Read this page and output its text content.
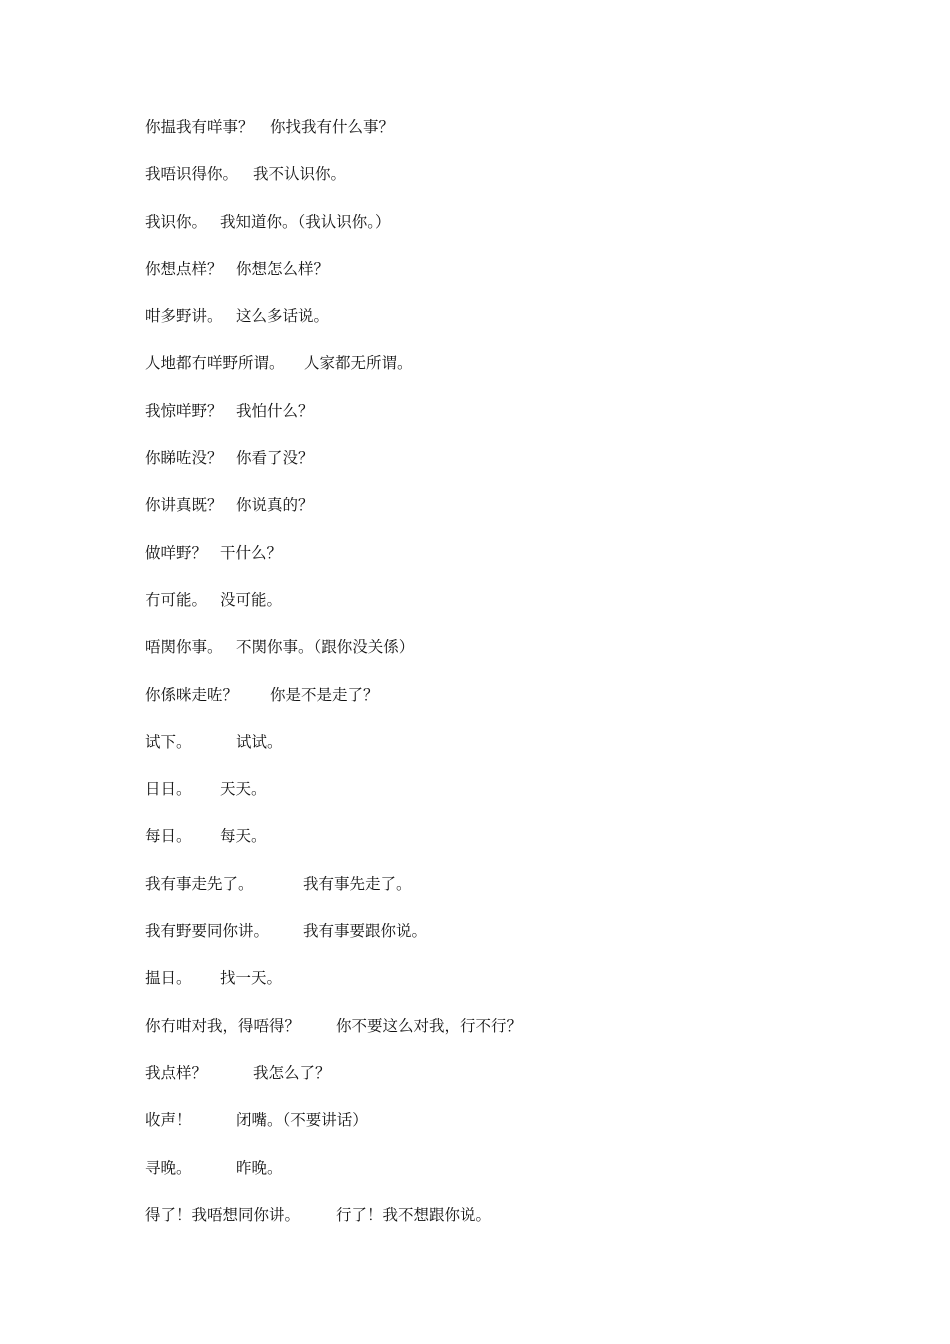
你揾我有咩事？ 你找我有什么事？
我唔识得你。 我不认识你。
我识你。 我知道你。（我认识你。）
你想点样？ 你想怎么样？
咁多野讲。 这么多话说。
人地都冇咩野所谓。 人家都无所谓。
我惊咩野？ 我怕什么？
你睇咗没？ 你看了没？
你讲真既？ 你说真的？
做咩野？ 干什么？
冇可能。 没可能。
唔関你事。 不関你事。（跟你没关係）
你係咪走咗？ 你是不是走了？
试下。	试试。
日日。 天天。
每日。 每天。
我有事走先了。	我有事先走了。
我有野要同你讲。 我有事要跟你说。
揾日。 找一天。
你冇咁对我，得唔得？ 你不要这么对我，行不行？
我点样？	我怎么了？
收声！	闭嘴。（不要讲话）
寻晚。	昨晚。
得了！我唔想同你讲。 行了！我不想跟你说。
